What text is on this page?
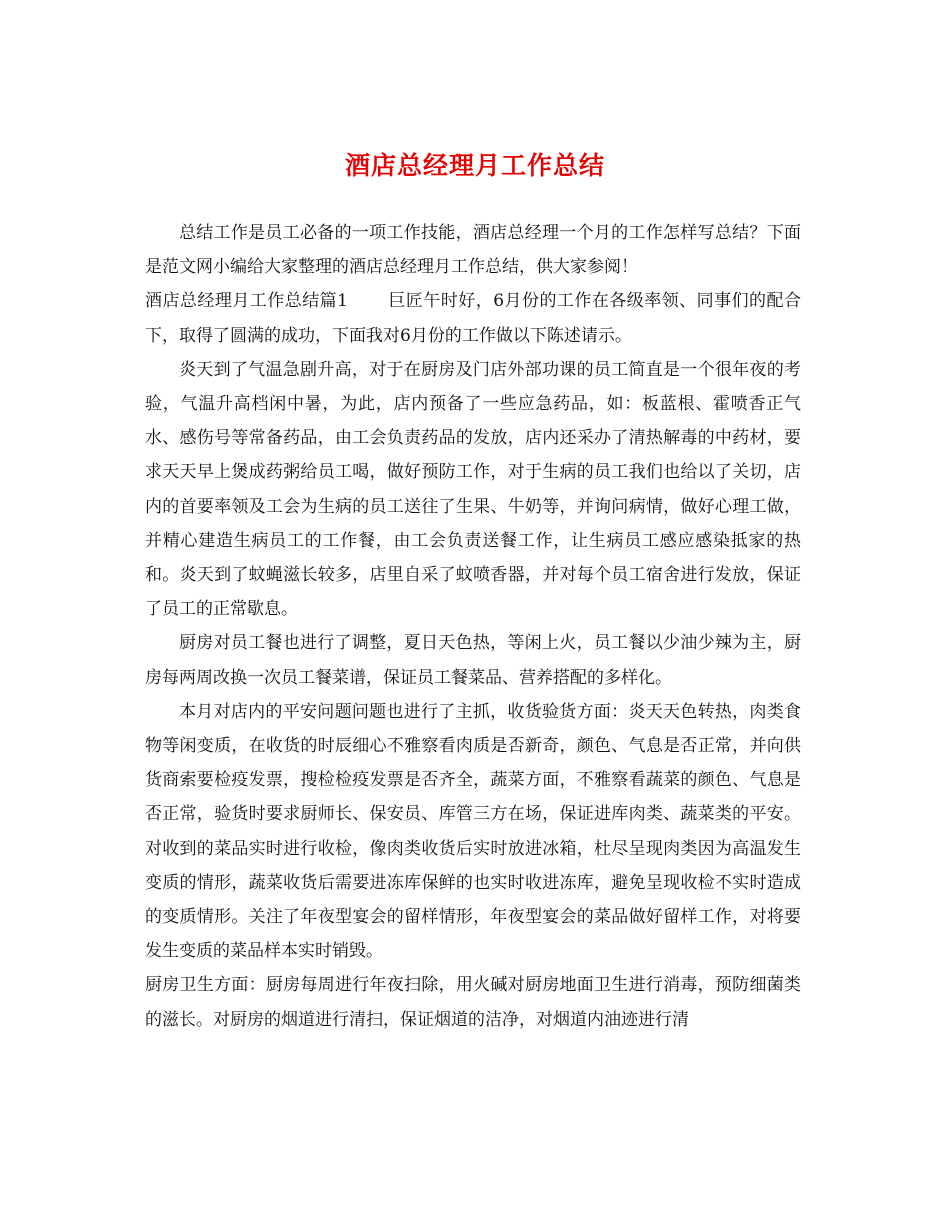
酒店总经理月工作总结

总结工作是员工必备的一项工作技能，酒店总经理一个月的工作怎样写总结？下面是范文网小编给大家整理的酒店总经理月工作总结，供大家参阅！

酒店总经理月工作总结篇1 巨匠午时好，6月份的工作在各级率领、同事们的配合下，取得了圆满的成功，下面我对6月份的工作做以下陈述请示。

炎天到了气温急剧升高，对于在厨房及门店外部功课的员工简直是一个很年夜的考验，气温升高档闲中暑，为此，店内预备了一些应急药品，如：板蓝根、霍喷香正气水、感伤号等常备药品，由工会负责药品的发放，店内还采办了清热解毒的中药材，要求天天早上煲成药粥给员工喝，做好预防工作，对于生病的员工我们也给以了关切，店内的首要率领及工会为生病的员工送往了生果、牛奶等，并询问病情，做好心理工做，并精心建造生病员工的工作餐，由工会负责送餐工作，让生病员工感应感染抵家的热和。炎天到了蚊蝇滋长较多，店里自采了蚊喷香器，并对每个员工宿舍进行发放，保证了员工的正常歇息。

厨房对员工餐也进行了调整，夏日天色热，等闲上火，员工餐以少油少辣为主，厨房每两周改换一次员工餐菜谱，保证员工餐菜品、营养搭配的多样化。

本月对店内的平安问题问题也进行了主抓，收货验货方面：炎天天色转热，肉类食物等闲变质，在收货的时辰细心不雅察看肉质是否新奇，颜色、气息是否正常，并向供货商索要检疫发票，搜检检疫发票是否齐全，蔬菜方面，不雅察看蔬菜的颜色、气息是否正常，验货时要求厨师长、保安员、库管三方在场，保证进库肉类、蔬菜类的平安。对收到的菜品实时进行收检，像肉类收货后实时放进冰箱，杜尽呈现肉类因为高温发生变质的情形，蔬菜收货后需要进冻库保鲜的也实时收进冻库，避免呈现收检不实时造成的变质情形。关注了年夜型宴会的留样情形，年夜型宴会的菜品做好留样工作，对将要发生变质的菜品样本实时销毁。

厨房卫生方面：厨房每周进行年夜扫除，用火碱对厨房地面卫生进行消毒，预防细菌类的滋长。对厨房的烟道进行清扫，保证烟道的洁净，对烟道内油迹进行清
